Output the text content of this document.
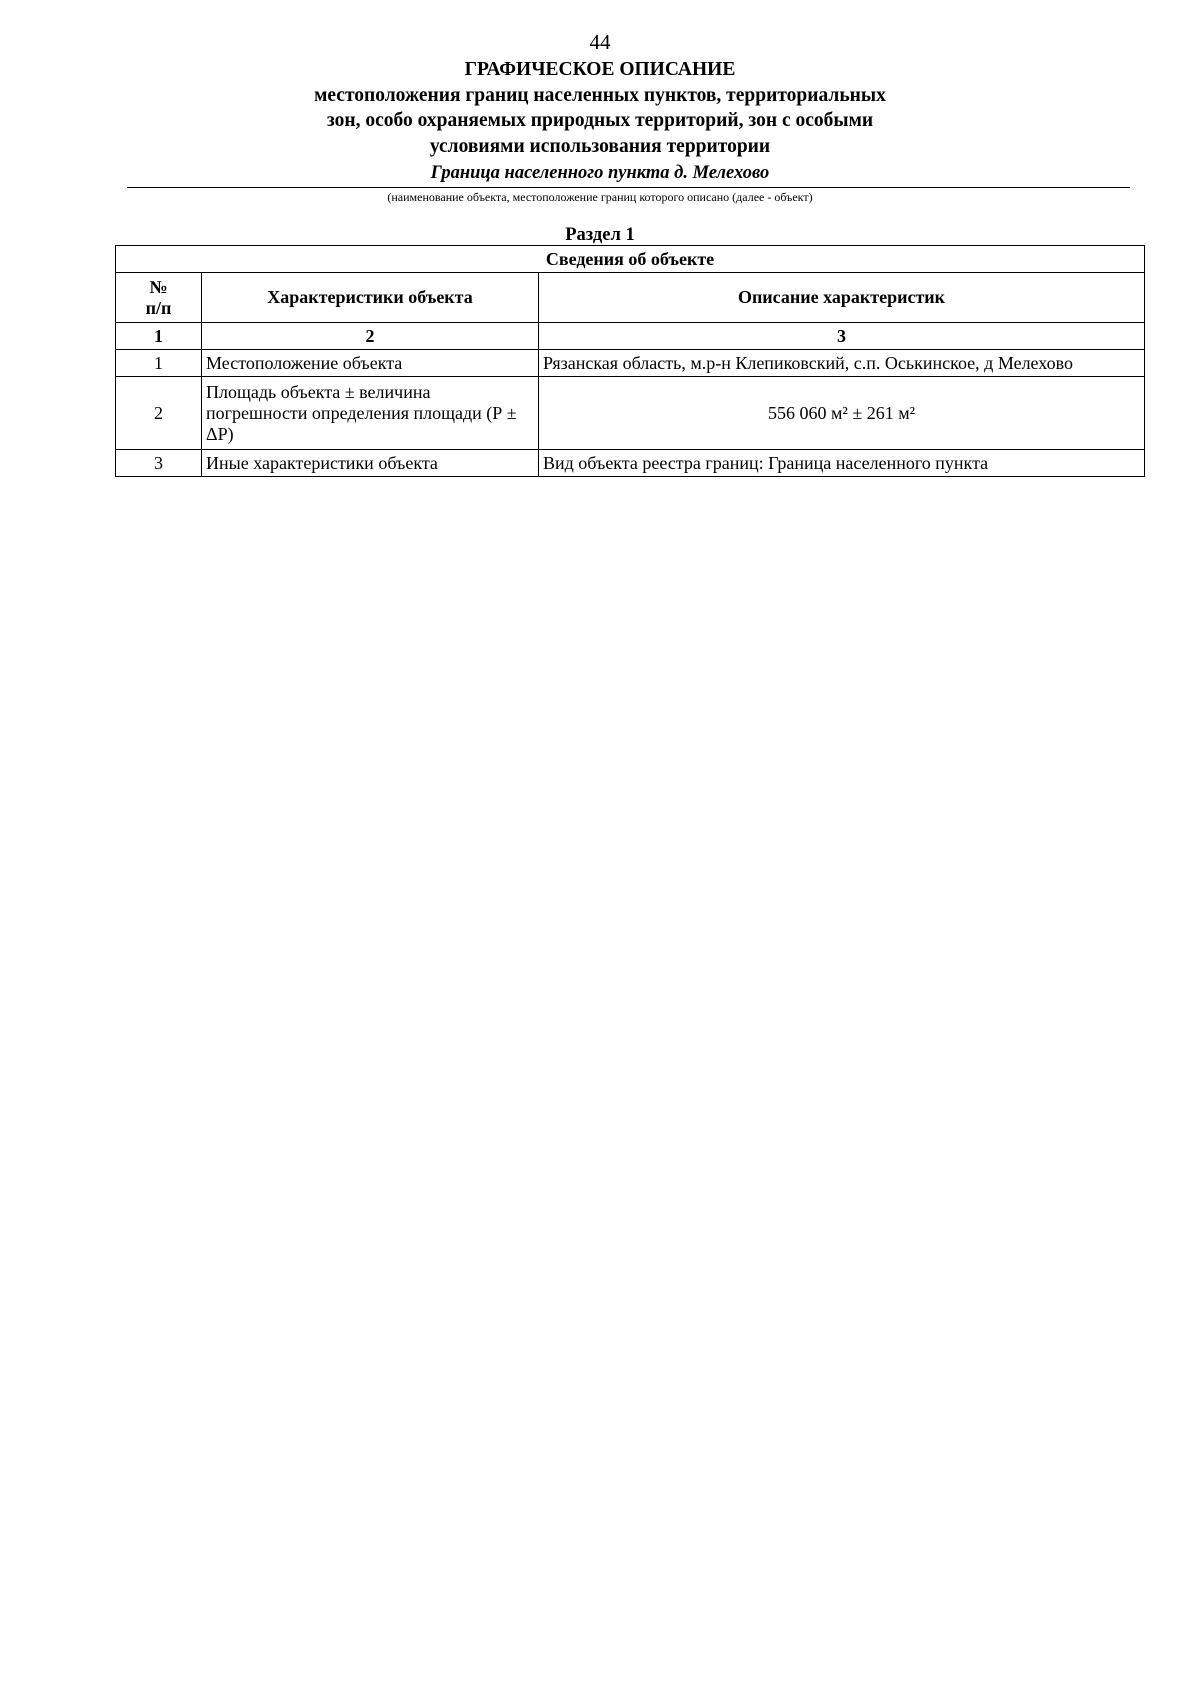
44
ГРАФИЧЕСКОЕ ОПИСАНИЕ
местоположения границ населенных пунктов, территориальных
зон, особо охраняемых природных территорий, зон с особыми
условиями использования территории
Граница населенного пункта д. Мелехово
(наименование объекта, местоположение границ которого описано (далее - объект)
Раздел 1
Сведения об объекте		

№
п/п	Характеристики объекта	Описание характеристик
1	2	3
1	Местоположение объекта	Рязанская область, м.р-н Клепиковский, с.п. Оськинское, д Мелехово
2	Площадь объекта ± величина погрешности определения площади (Р ± ΔР)	556 060 м² ± 261 м²
3	Иные характеристики объекта	Вид объекта реестра границ: Граница населенного пункта
